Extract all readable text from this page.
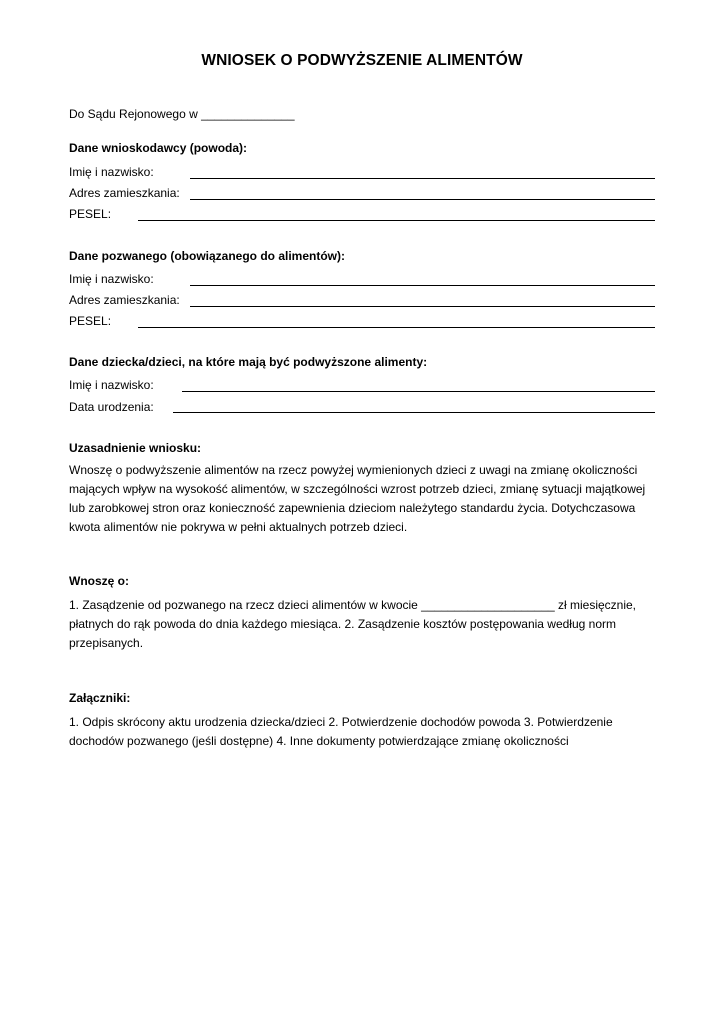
WNIOSEK O PODWYŻSZENIE ALIMENTÓW
Do Sądu Rejonowego w ______________
Dane wnioskodawcy (powoda):
Imię i nazwisko:
Adres zamieszkania:
PESEL:
Dane pozwanego (obowiązanego do alimentów):
Imię i nazwisko:
Adres zamieszkania:
PESEL:
Dane dziecka/dzieci, na które mają być podwyższone alimenty:
Imię i nazwisko:
Data urodzenia:
Uzasadnienie wniosku:
Wnoszę o podwyższenie alimentów na rzecz powyżej wymienionych dzieci z uwagi na zmianę okoliczności
mających wpływ na wysokość alimentów, w szczególności wzrost potrzeb dzieci, zmianę sytuacji majątkowej
lub zarobkowej stron oraz konieczność zapewnienia dzieciom należytego standardu życia. Dotychczasowa
kwota alimentów nie pokrywa w pełni aktualnych potrzeb dzieci.
Wnoszę o:
1. Zasądzenie od pozwanego na rzecz dzieci alimentów w kwocie ____________________ zł miesięcznie,
płatnych do rąk powoda do dnia każdego miesiąca. 2. Zasądzenie kosztów postępowania według norm
przepisanych.
Załączniki:
1. Odpis skrócony aktu urodzenia dziecka/dzieci 2. Potwierdzenie dochodów powoda 3. Potwierdzenie
dochodów pozwanego (jeśli dostępne) 4. Inne dokumenty potwierdzające zmianę okoliczności
